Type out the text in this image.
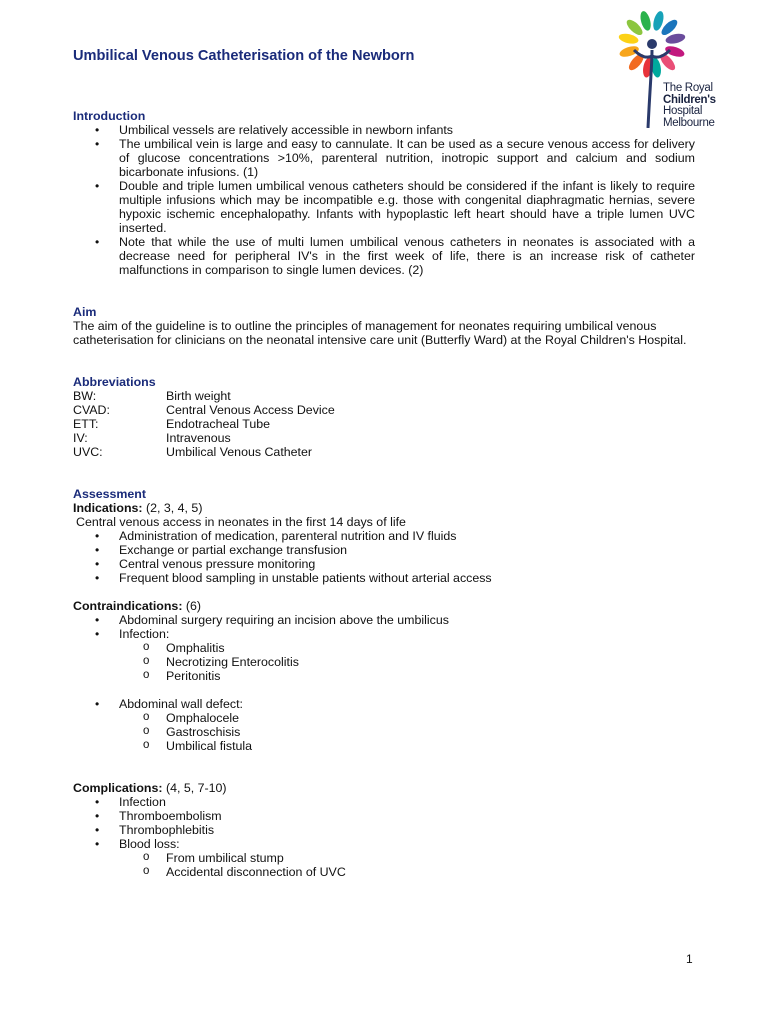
The Royal
Children's
Hospital
Melbourne
Umbilical Venous Catheterisation of the Newborn
Introduction
• Umbilical vessels are relatively accessible in newborn infants
• The umbilical vein is large and easy to cannulate. It can be used as a secure venous access for delivery of glucose concentrations >10%, parenteral nutrition, inotropic support and calcium and sodium bicarbonate infusions. (1)
• Double and triple lumen umbilical venous catheters should be considered if the infant is likely to require multiple infusions which may be incompatible e.g. those with congenital diaphragmatic hernias, severe hypoxic ischemic encephalopathy. Infants with hypoplastic left heart should have a triple lumen UVC inserted.
• Note that while the use of multi lumen umbilical venous catheters in neonates is associated with a decrease need for peripheral IV's in the first week of life, there is an increase risk of catheter malfunctions in comparison to single lumen devices. (2)
Aim
The aim of the guideline is to outline the principles of management for neonates requiring umbilical venous catheterisation for clinicians on the neonatal intensive care unit (Butterfly Ward) at the Royal Children's Hospital.
Abbreviations
BW:	Birth weight
CVAD:	Central Venous Access Device
ETT:	Endotracheal Tube
IV:	Intravenous
UVC:	Umbilical Venous Catheter
Assessment
Indications: (2, 3, 4, 5)
Central venous access in neonates in the first 14 days of life
• Administration of medication, parenteral nutrition and IV fluids
• Exchange or partial exchange transfusion
• Central venous pressure monitoring
• Frequent blood sampling in unstable patients without arterial access
Contraindications: (6)
• Abdominal surgery requiring an incision above the umbilicus
• Infection:
o Omphalitis
o Necrotizing Enterocolitis
o Peritonitis
• Abdominal wall defect:
o Omphalocele
o Gastroschisis
o Umbilical fistula
Complications: (4, 5, 7-10)
• Infection
• Thromboembolism
• Thrombophlebitis
• Blood loss:
o From umbilical stump
o Accidental disconnection of UVC
1
